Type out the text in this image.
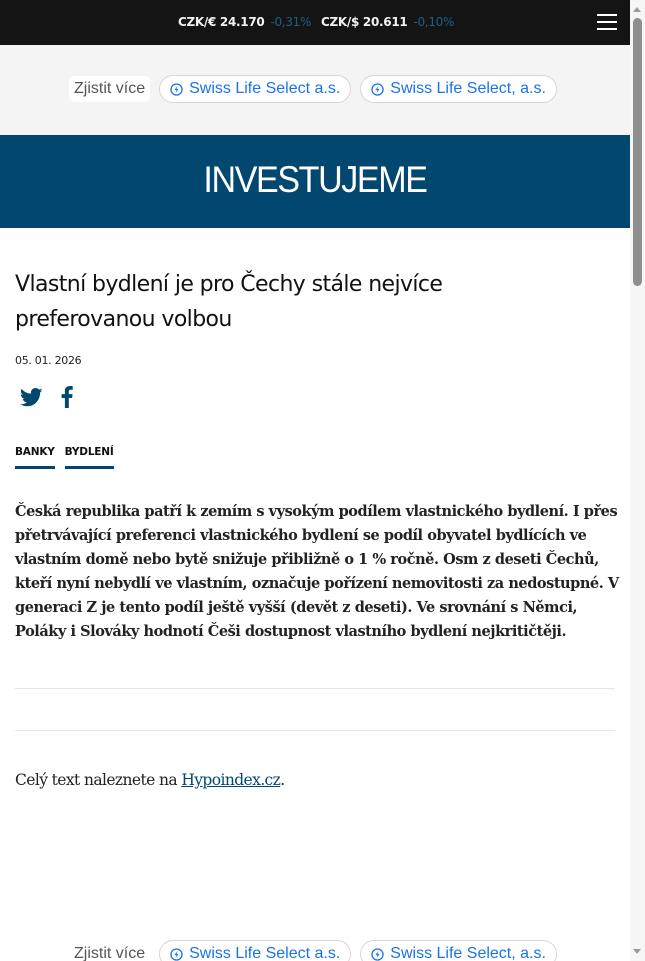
CZK/€ 24.170 -0,31% CZK/$ 20.611 -0,10%
Zjistit více	Swiss Life Select a.s.	Swiss Life Select, a.s.
INVESTUJEME
Vlastní bydlení je pro Čechy stále nejvíce preferovanou volbou
05. 01. 2026
BANKY BYDLENÍ

Česká republika patří k zemím s vysokým podílem vlastnického bydlení. I přes přetrvávající preferenci vlastnického bydlení se podíl obyvatel bydlících ve vlastním domě nebo bytě snižuje přibližně o 1 % ročně. Osm z deseti Čechů, kteří nyní nebydlí ve vlastním, označuje pořízení nemovitosti za nedostupné. V generaci Z je tento podíl ještě vyšší (devět z deseti). Ve srovnání s Němci, Poláky i Slováky hodnotí Češi dostupnost vlastního bydlení nejkritičtěji.

Celý text naleznete na Hypoindex.cz.
Zjistit více	Swiss Life Select a.s.	Swiss Life Select, a.s.
